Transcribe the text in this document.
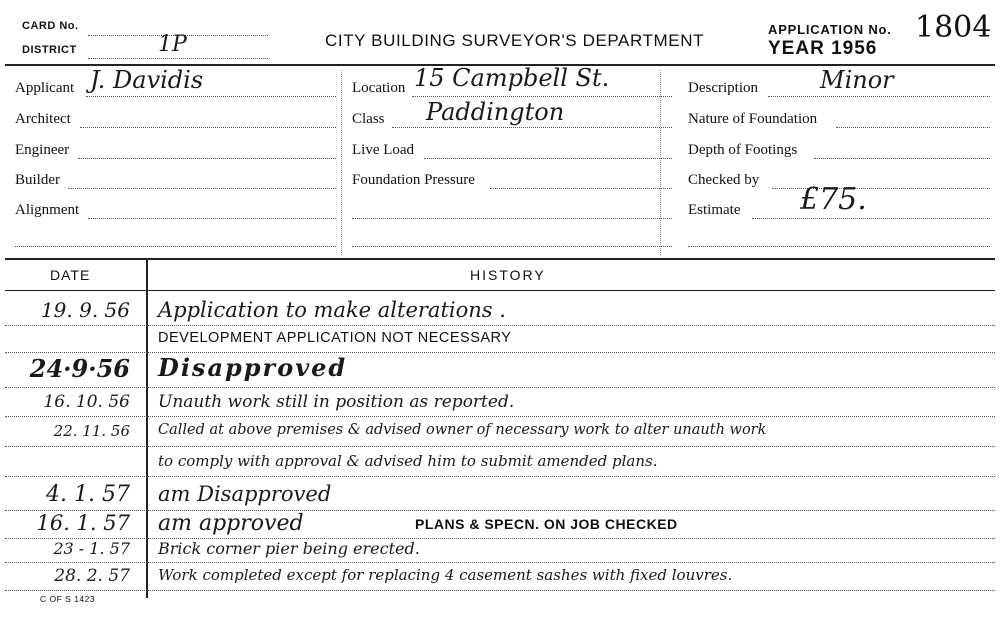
CARD No.
DISTRICT	1P	CITY BUILDING SURVEYOR'S DEPARTMENT
APPLICATION No. 1804
YEAR 1956
Applicant J. Davidis
Architect
Engineer
Builder
Alignment
Location 15 Campbell St.
Class Paddington
Live Load
Foundation Pressure
Description	Minor
Nature of Foundation
Depth of Footings
Checked by
Estimate £75.
DATE	HISTORY
19. 9. 56 Application to make alterations .
DEVELOPMENT APPLICATION NOT NECESSARY
24·9·56 Disapproved
16. 10. 56 Unauth work still in position as reported.
22. 11. 56 Called at above premises & advised owner of necessary work to alter unauth work
to comply with approval & advised him to submit amended plans.
4. 1. 57 am Disapproved
16. 1. 57 am approved	PLANS & SPECN. ON JOB CHECKED
23 - 1. 57 Brick corner pier being erected.
28. 2. 57 Work completed except for replacing 4 casement sashes with fixed louvres.
C OF S 1423
